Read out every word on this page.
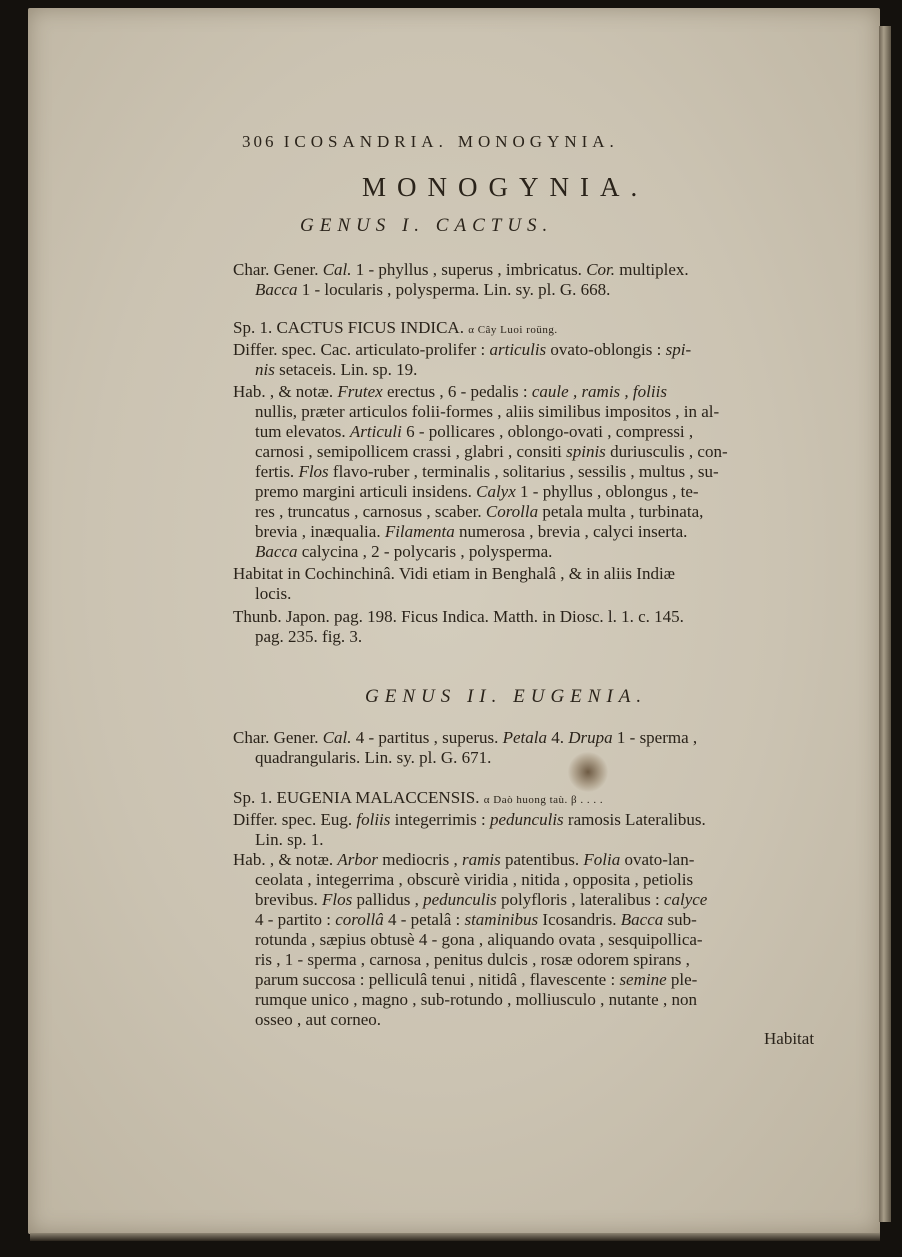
306 ICOSANDRIA. MONOGYNIA.

MONOGYNIA.

GENUS I. CACTUS.

Char. Gener. Cal. 1 - phyllus , superus , imbricatus. Cor. multiplex.

Bacca 1 - locularis , polysperma. Lin. sy. pl. G. 668.

Sp. 1. CACTUS FICUS INDICA. α Cây Luoi roüng.

Differ. spec. Cac. articulato-prolifer : articulis ovato-oblongis : spi-

nis setaceis. Lin. sp. 19.

Hab. , & notæ. Frutex erectus , 6 - pedalis : caule , ramis , foliis

nullis, præter articulos folii-formes , aliis similibus impositos , in al-

tum elevatos. Articuli 6 - pollicares , oblongo-ovati , compressi ,

carnosi , semipollicem crassi , glabri , consiti spinis duriusculis , con-

fertis. Flos flavo-ruber , terminalis , solitarius , sessilis , multus , su-

premo margini articuli insidens. Calyx 1 - phyllus , oblongus , te-

res , truncatus , carnosus , scaber. Corolla petala multa , turbinata,

brevia , inæqualia. Filamenta numerosa , brevia , calyci inserta.

Bacca calycina , 2 - polycaris , polysperma.

Habitat in Cochinchinâ. Vidi etiam in Benghalâ , & in aliis Indiæ

locis.

Thunb. Japon. pag. 198. Ficus Indica. Matth. in Diosc. l. 1. c. 145.

pag. 235. fig. 3.

GENUS II. EUGENIA.

Char. Gener. Cal. 4 - partitus , superus. Petala 4. Drupa 1 - sperma ,

quadrangularis. Lin. sy. pl. G. 671.

Sp. 1. EUGENIA MALACCENSIS. α Daò huong taù. β . . . .

Differ. spec. Eug. foliis integerrimis : pedunculis ramosis Lateralibus.

Lin. sp. 1.

Hab. , & notæ. Arbor mediocris , ramis patentibus. Folia ovato-lan-

ceolata , integerrima , obscurè viridia , nitida , opposita , petiolis

brevibus. Flos pallidus , pedunculis polyfloris , lateralibus : calyce

4 - partito : corollâ 4 - petalâ : staminibus Icosandris. Bacca sub-

rotunda , sæpius obtusè 4 - gona , aliquando ovata , sesquipollica-

ris , 1 - sperma , carnosa , penitus dulcis , rosæ odorem spirans ,

parum succosa : pelliculâ tenui , nitidâ , flavescente : semine ple-

rumque unico , magno , sub-rotundo , molliusculo , nutante , non

osseo , aut corneo.

Habitat
